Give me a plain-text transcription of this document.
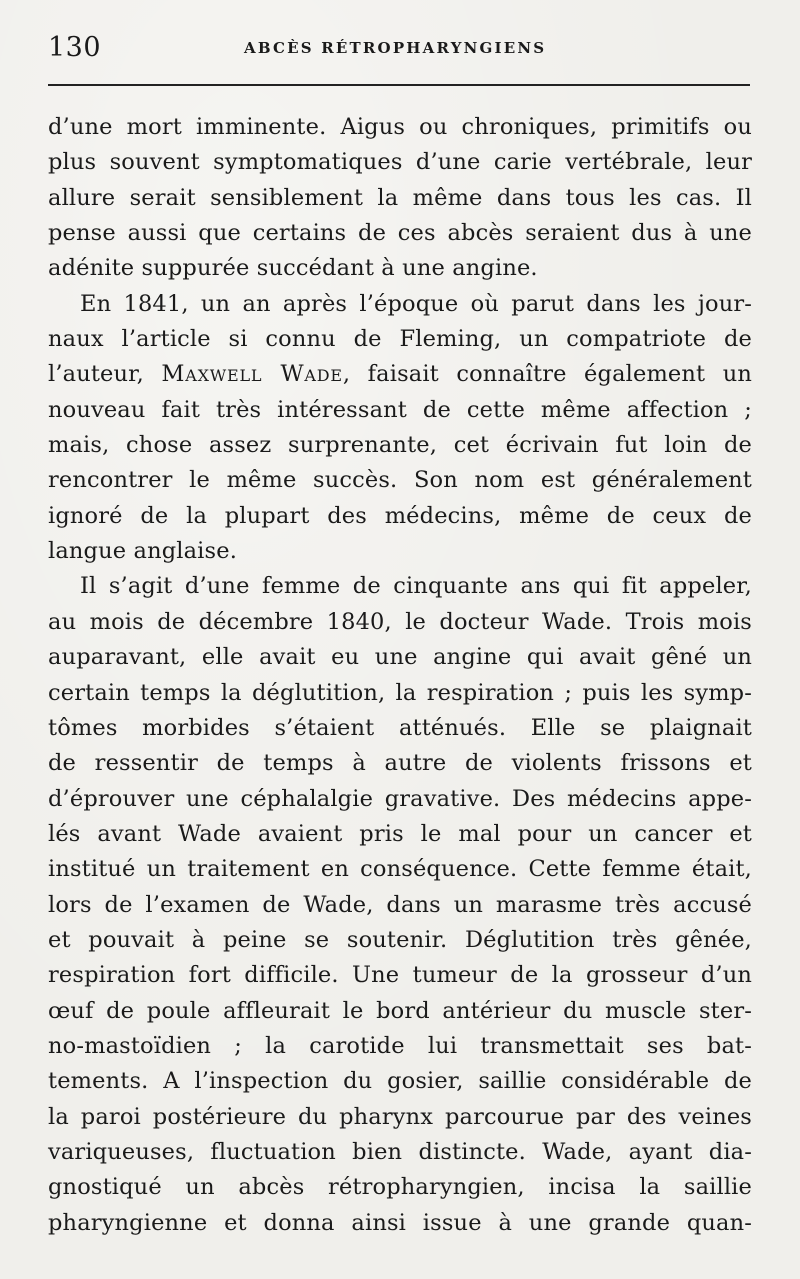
130	ABCÈS RÉTROPHARYNGIENS
d’une mort imminente. Aigus ou chroniques, primitifs ou
plus souvent symptomatiques d’une carie vertébrale, leur
allure serait sensiblement la même dans tous les cas. Il
pense aussi que certains de ces abcès seraient dus à une
adénite suppurée succédant à une angine.
En 1841, un an après l’époque où parut dans les jour-
naux l’article si connu de Fleming, un compatriote de
l’auteur, Maxwell Wade, faisait connaître également un
nouveau fait très intéressant de cette même affection ;
mais, chose assez surprenante, cet écrivain fut loin de
rencontrer le même succès. Son nom est généralement
ignoré de la plupart des médecins, même de ceux de
langue anglaise.
Il s’agit d’une femme de cinquante ans qui fit appeler,
au mois de décembre 1840, le docteur Wade. Trois mois
auparavant, elle avait eu une angine qui avait gêné un
certain temps la déglutition, la respiration ; puis les symp-
tômes morbides s’étaient atténués. Elle se plaignait
de ressentir de temps à autre de violents frissons et
d’éprouver une céphalalgie gravative. Des médecins appe-
lés avant Wade avaient pris le mal pour un cancer et
institué un traitement en conséquence. Cette femme était,
lors de l’examen de Wade, dans un marasme très accusé
et pouvait à peine se soutenir. Déglutition très gênée,
respiration fort difficile. Une tumeur de la grosseur d’un
œuf de poule affleurait le bord antérieur du muscle ster-
no-mastoïdien ; la carotide lui transmettait ses bat-
tements. A l’inspection du gosier, saillie considérable de
la paroi postérieure du pharynx parcourue par des veines
variqueuses, fluctuation bien distincte. Wade, ayant dia-
gnostiqué un abcès rétropharyngien, incisa la saillie
pharyngienne et donna ainsi issue à une grande quan-
